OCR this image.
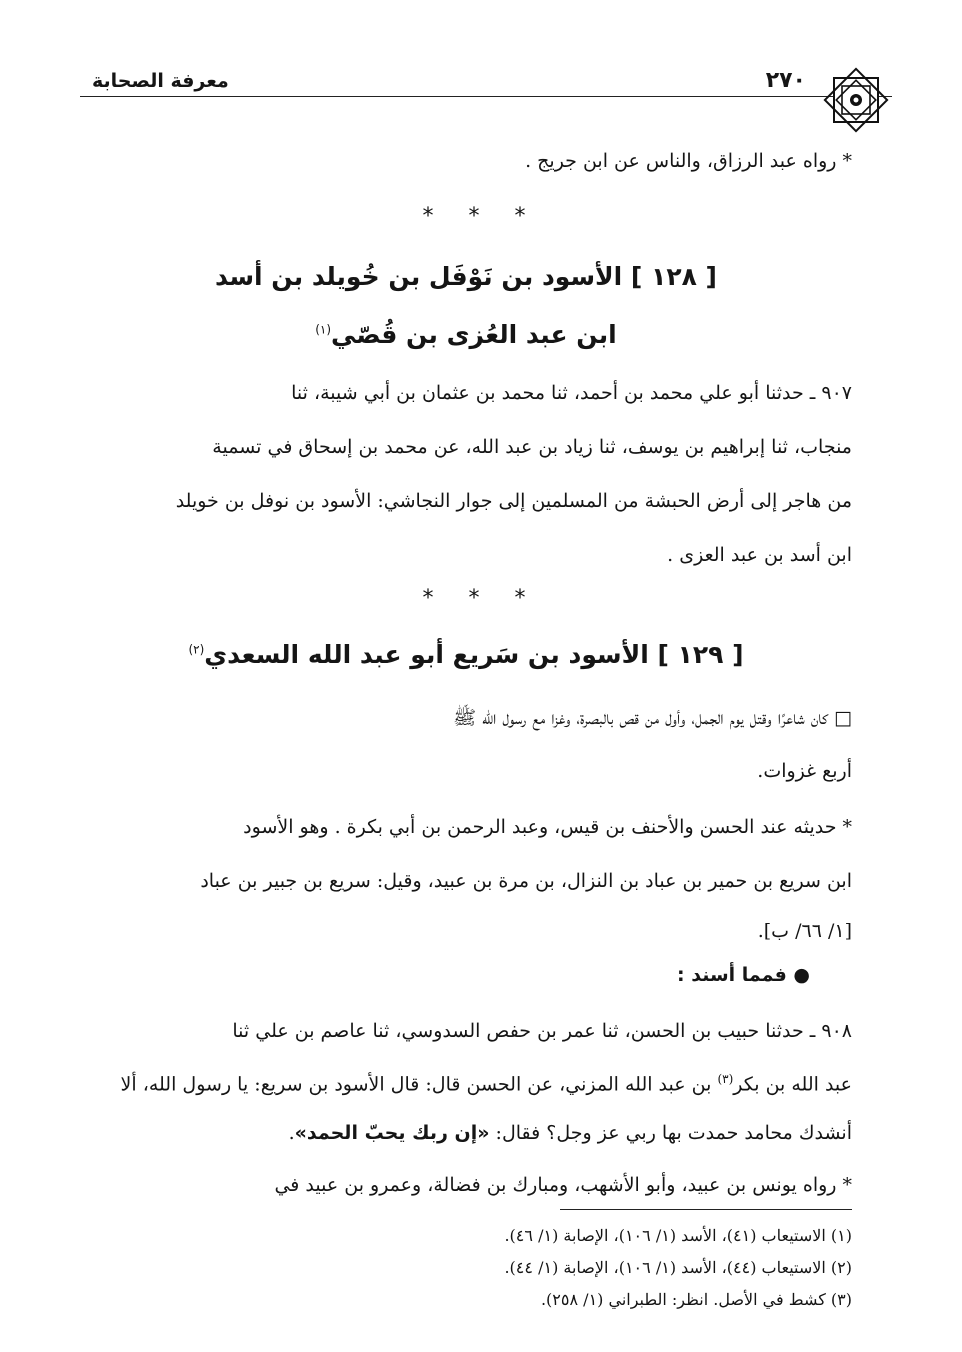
معرفة الصحابة	٢٧٠
* رواه عبد الرزاق، والناس عن ابن جريج .
* * *
[ ١٢٨ ] الأسود بن نَوْفَل بن خُويلد بن أسد
ابن عبد العُزى بن قُصّي$^{(١)}$
٩٠٧ ـ حدثنا أبو علي محمد بن أحمد، ثنا محمد بن عثمان بن أبي شيبة، ثنا
منجاب، ثنا إبراهيم بن يوسف، ثنا زياد بن عبد الله، عن محمد بن إسحاق في تسمية
من هاجر إلى أرض الحبشة من المسلمين إلى جوار النجاشي: الأسود بن نوفل بن خويلد
ابن أسد بن عبد العزى .
* * *
[ ١٢٩ ] الأسود بن سَريع أبو عبد الله السعدي$^{(٢)}$
□ كان شاعرًا وقتل يوم الجمل، وأول من قص بالبصرة، وغزا مع رسول الله ﷺ
أربع غزوات.
* حديثه عند الحسن والأحنف بن قيس، وعبد الرحمن بن أبي بكرة . وهو الأسود
ابن سريع بن حمير بن عباد بن النزال، بن مرة بن عبيد، وقيل: سريع بن جبير بن عباد
[١/ ٦٦/ ب].
● فمما أسند :
٩٠٨ ـ حدثنا حبيب بن الحسن، ثنا عمر بن حفص السدوسي، ثنا عاصم بن علي ثنا
عبد الله بن بكر$^{(٣)}$ بن عبد الله المزني، عن الحسن قال: قال الأسود بن سريع: يا رسول الله، ألا
أنشدك محامد حمدت بها ربي عز وجل؟ فقال: «إن ربك يحبّ الحمد».
* رواه يونس بن عبيد، وأبو الأشهب، ومبارك بن فضالة، وعمرو بن عبيد في
(١) الاستيعاب (٤١)، الأسد (١/ ١٠٦)، الإصابة (١/ ٤٦).
(٢) الاستيعاب (٤٤)، الأسد (١/ ١٠٦)، الإصابة (١/ ٤٤).
(٣) كشط في الأصل. انظر: الطبراني (١/ ٢٥٨).
